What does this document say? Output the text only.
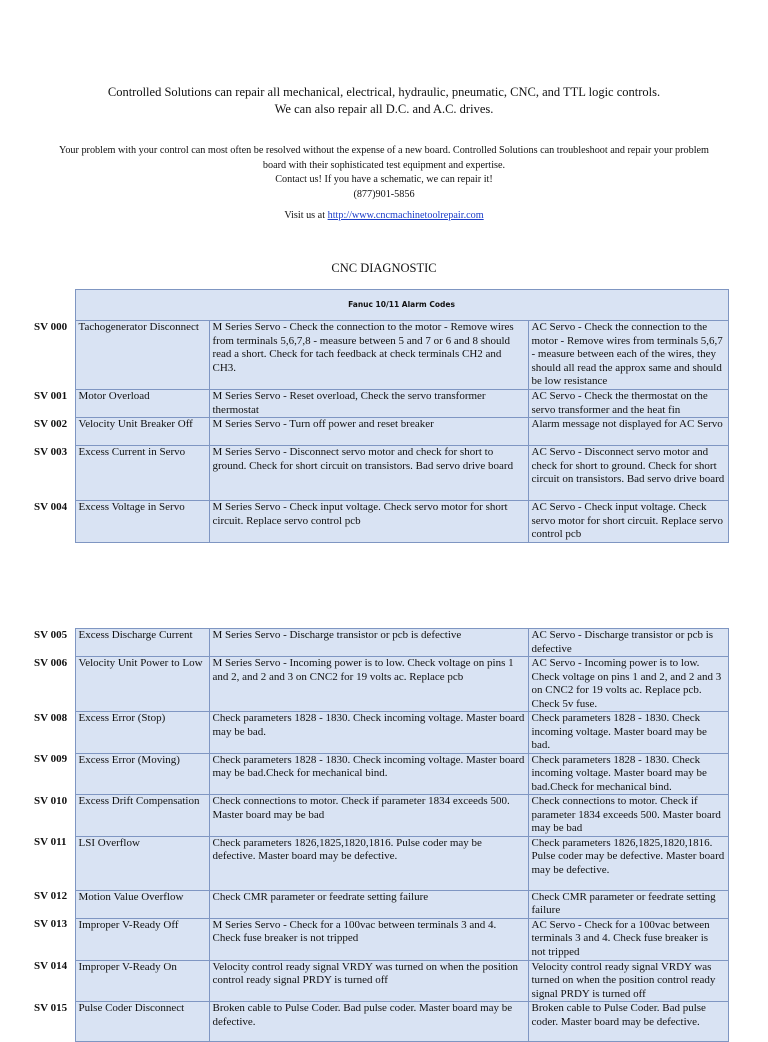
Controlled Solutions can repair all mechanical, electrical, hydraulic, pneumatic, CNC, and TTL logic controls.
We can also repair all D.C. and A.C. drives.
Your problem with your control can most often be resolved without the expense of a new board. Controlled Solutions can troubleshoot and repair your problem
board with their sophisticated test equipment and expertise.
Contact us! If you have a schematic, we can repair it!
(877)901-5856
Visit us at http://www.cncmachinetoolrepair.com
CNC DIAGNOSTIC
	Fanuc 10/11 Alarm Codes		
SV 000	Tachogenerator Disconnect	M Series Servo - Check the connection to the motor - Remove wires from terminals 5,6,7,8 - measure between 5 and 7 or 6 and 8 should read a short. Check for tach feedback at check terminals CH2 and CH3.	AC Servo - Check the connection to the motor - Remove wires from terminals 5,6,7 - measure between each of the wires, they should all read the approx same and should be low resistance
SV 001	Motor Overload	M Series Servo - Reset overload, Check the servo transformer thermostat	AC Servo - Check the thermostat on the servo transformer and the heat fin
SV 002	Velocity Unit Breaker Off	M Series Servo - Turn off power and reset breaker	Alarm message not displayed for AC Servo
SV 003	Excess Current in Servo	M Series Servo - Disconnect servo motor and check for short to ground. Check for short circuit on transistors. Bad servo drive board	AC Servo - Disconnect servo motor and check for short to ground. Check for short circuit on transistors. Bad servo drive board
SV 004	Excess Voltage in Servo	M Series Servo - Check input voltage. Check servo motor for short circuit. Replace servo control pcb	AC Servo - Check input voltage. Check servo motor for short circuit. Replace servo control pcb
SV 005	Excess Discharge Current	M Series Servo - Discharge transistor or pcb is defective	AC Servo - Discharge transistor or pcb is defective
SV 006	Velocity Unit Power to Low	M Series Servo - Incoming power is to low. Check voltage on pins 1 and 2, and 2 and 3 on CNC2 for 19 volts ac. Replace pcb	AC Servo - Incoming power is to low. Check voltage on pins 1 and 2, and 2 and 3 on CNC2 for 19 volts ac. Replace pcb. Check 5v fuse.
SV 008	Excess Error (Stop)	Check parameters 1828 - 1830. Check incoming voltage. Master board may be bad.	Check parameters 1828 - 1830. Check incoming voltage. Master board may be bad.
SV 009	Excess Error (Moving)	Check parameters 1828 - 1830. Check incoming voltage. Master board may be bad.Check for mechanical bind.	Check parameters 1828 - 1830. Check incoming voltage. Master board may be bad.Check for mechanical bind.
SV 010	Excess Drift Compensation	Check connections to motor. Check if parameter 1834 exceeds 500. Master board may be bad	Check connections to motor. Check if parameter 1834 exceeds 500. Master board may be bad
SV 011	LSI Overflow	Check parameters 1826,1825,1820,1816. Pulse coder may be defective. Master board may be defective.	Check parameters 1826,1825,1820,1816. Pulse coder may be defective. Master board may be defective.
SV 012	Motion Value Overflow	Check CMR parameter or feedrate setting failure	Check CMR parameter or feedrate setting failure
SV 013	Improper V-Ready Off	M Series Servo - Check for a 100vac between terminals 3 and 4. Check fuse breaker is not tripped	AC Servo - Check for a 100vac between terminals 3 and 4. Check fuse breaker is not tripped
SV 014	Improper V-Ready On	Velocity control ready signal VRDY was turned on when the position control ready signal PRDY is turned off	Velocity control ready signal VRDY was turned on when the position control ready signal PRDY is turned off
SV 015	Pulse Coder Disconnect	Broken cable to Pulse Coder. Bad pulse coder. Master board may be defective.	Broken cable to Pulse Coder. Bad pulse coder. Master board may be defective.
